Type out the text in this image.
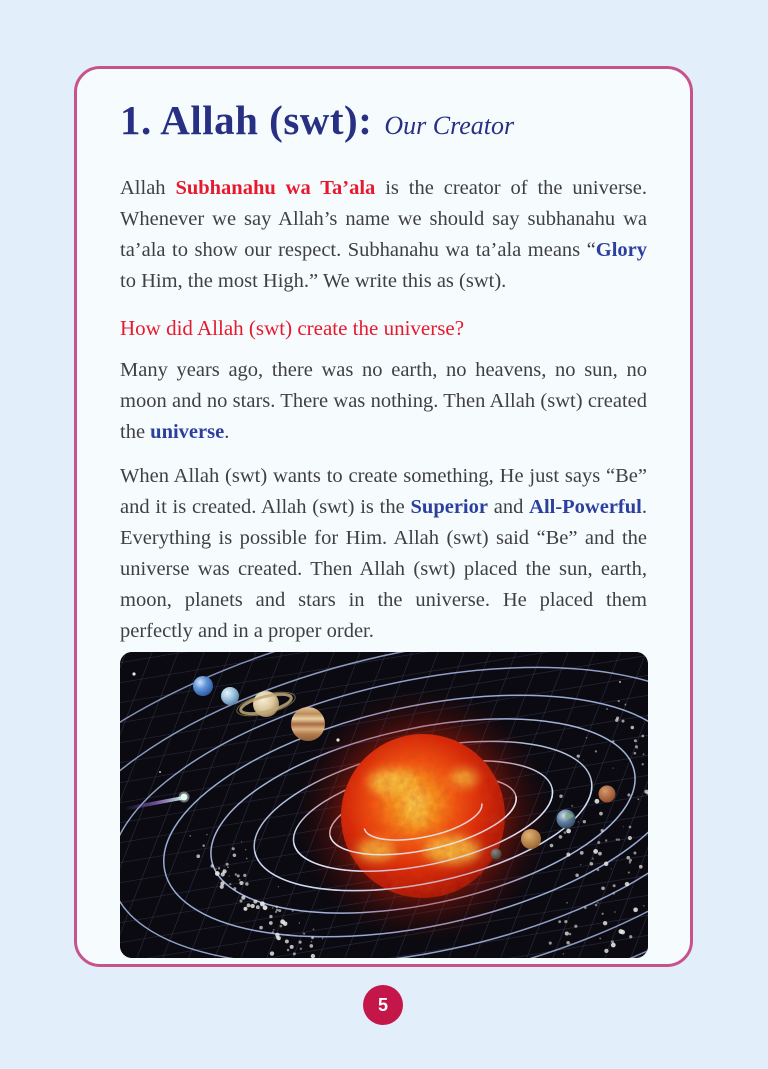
1. Allah (swt): Our Creator

Allah Subhanahu wa Ta’ala is the creator of the universe. Whenever we say Allah’s name we should say subhanahu wa ta’ala to show our respect. Subhanahu wa ta’ala means “Glory to Him, the most High.” We write this as (swt).

How did Allah (swt) create the universe?

Many years ago, there was no earth, no heavens, no sun, no moon and no stars. There was nothing. Then Allah (swt) created the universe.

When Allah (swt) wants to create something, He just says “Be” and it is created. Allah (swt) is the Superior and All-Powerful. Everything is possible for Him. Allah (swt) said “Be” and the universe was created. Then Allah (swt) placed the sun, earth, moon, planets and stars in the universe. He placed them perfectly and in a proper order.

5
